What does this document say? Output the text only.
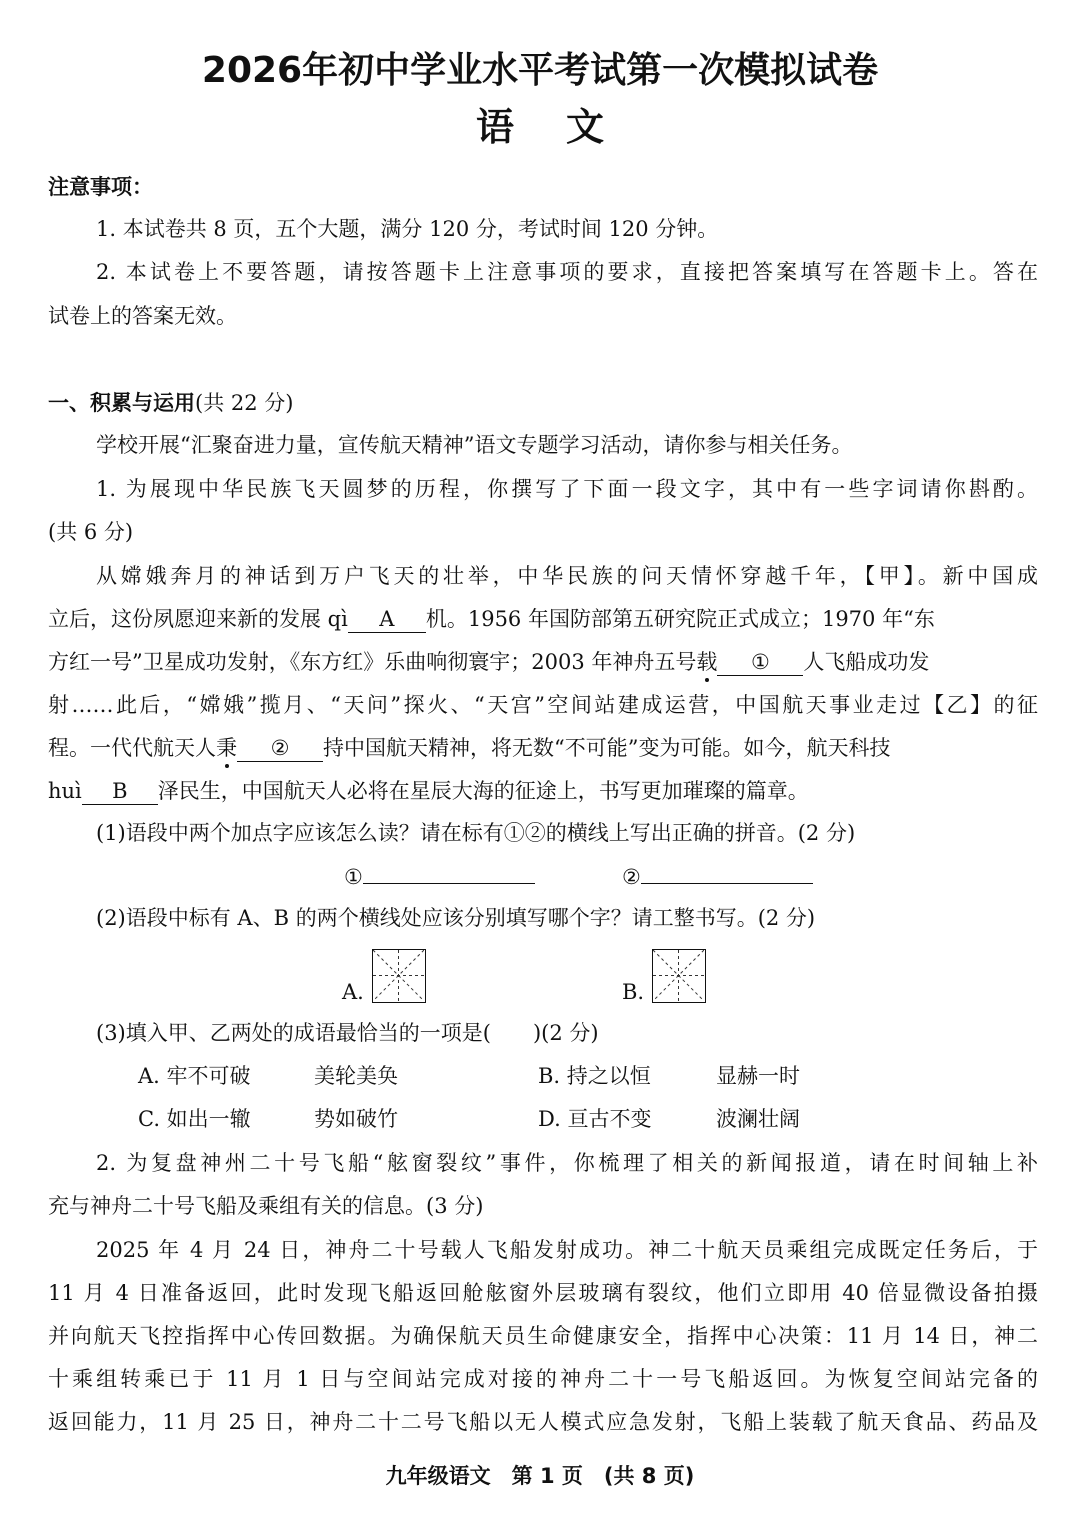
2026年初中学业水平考试第一次模拟试卷
语文
注意事项：
1. 本试卷共 8 页，五个大题，满分 120 分，考试时间 120 分钟。
2. 本试卷上不要答题，请按答题卡上注意事项的要求，直接把答案填写在答题卡上。答在
试卷上的答案无效。
一、积累与运用(共 22 分)
学校开展“汇聚奋进力量，宣传航天精神”语文专题学习活动，请你参与相关任务。
1. 为展现中华民族飞天圆梦的历程，你撰写了下面一段文字，其中有一些字词请你斟酌。
(共 6 分)
从嫦娥奔月的神话到万户飞天的壮举，中华民族的问天情怀穿越千年，【甲】。新中国成
立后，这份夙愿迎来新的发展 qì A 机。1956 年国防部第五研究院正式成立；1970 年“东
方红一号”卫星成功发射，《东方红》乐曲响彻寰宇；2003 年神舟五号载 ① 人飞船成功发
射……此后，“嫦娥”揽月、“天问”探火、“天宫”空间站建成运营，中国航天事业走过【乙】的征
程。一代代航天人秉 ② 持中国航天精神，将无数“不可能”变为可能。如今，航天科技
huì B 泽民生，中国航天人必将在星辰大海的征途上，书写更加璀璨的篇章。
(1)语段中两个加点字应该怎么读？请在标有①②的横线上写出正确的拼音。(2 分)
①	②
(2)语段中标有 A、B 的两个横线处应该分别填写哪个字？请工整书写。(2 分)
A.	B.
(3)填入甲、乙两处的成语最恰当的一项是(　　)(2 分)
A. 牢不可破	美轮美奂	B. 持之以恒	显赫一时
C. 如出一辙	势如破竹	D. 亘古不变	波澜壮阔
2. 为复盘神州二十号飞船“舷窗裂纹”事件，你梳理了相关的新闻报道，请在时间轴上补
充与神舟二十号飞船及乘组有关的信息。(3 分)
2025 年 4 月 24 日，神舟二十号载人飞船发射成功。神二十航天员乘组完成既定任务后，于
11 月 4 日准备返回，此时发现飞船返回舱舷窗外层玻璃有裂纹，他们立即用 40 倍显微设备拍摄
并向航天飞控指挥中心传回数据。为确保航天员生命健康安全，指挥中心决策：11 月 14 日，神二
十乘组转乘已于 11 月 1 日与空间站完成对接的神舟二十一号飞船返回。为恢复空间站完备的
返回能力，11 月 25 日，神舟二十二号飞船以无人模式应急发射，飞船上装载了航天食品、药品及
九年级语文　第 1 页　(共 8 页)
